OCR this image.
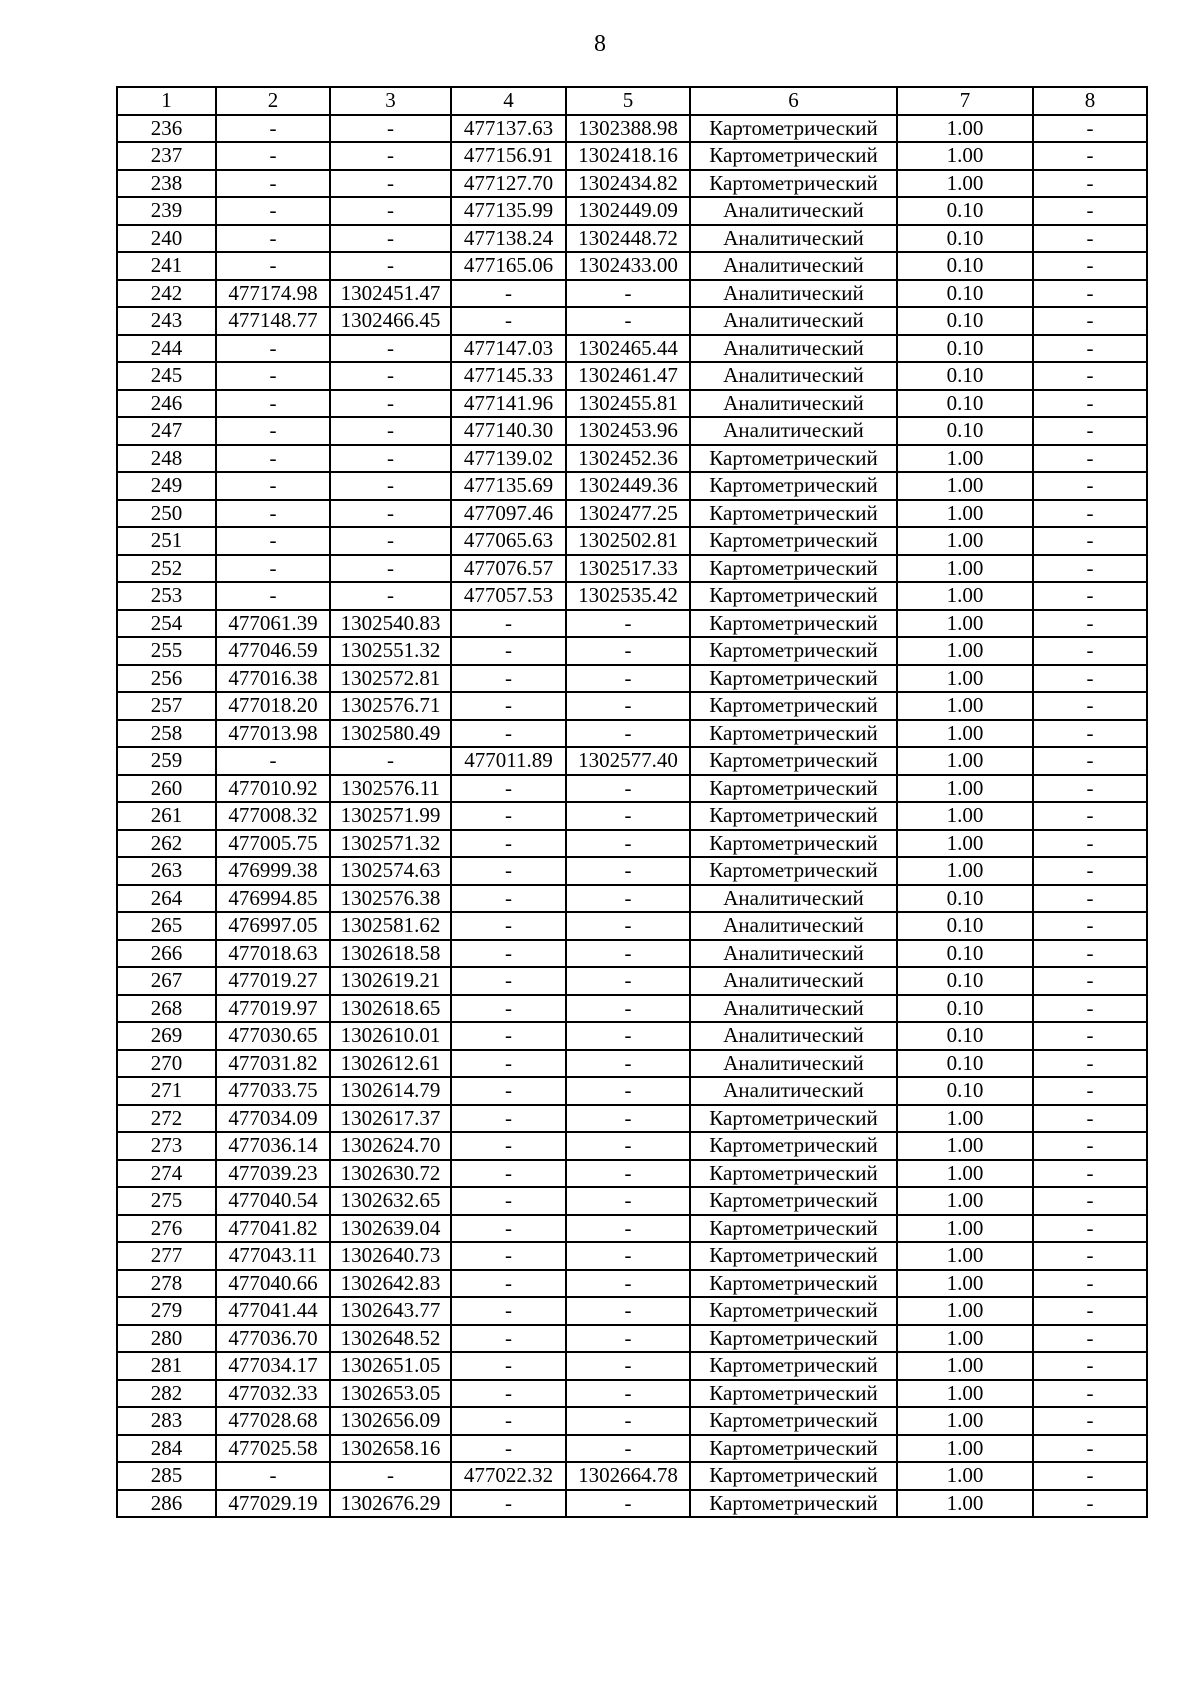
8
1	2	3	4	5	6	7	8
236	-	-	477137.63	1302388.98	Картометрический	1.00	-
237	-	-	477156.91	1302418.16	Картометрический	1.00	-
238	-	-	477127.70	1302434.82	Картометрический	1.00	-
239	-	-	477135.99	1302449.09	Аналитический	0.10	-
240	-	-	477138.24	1302448.72	Аналитический	0.10	-
241	-	-	477165.06	1302433.00	Аналитический	0.10	-
242	477174.98	1302451.47	-	-	Аналитический	0.10	-
243	477148.77	1302466.45	-	-	Аналитический	0.10	-
244	-	-	477147.03	1302465.44	Аналитический	0.10	-
245	-	-	477145.33	1302461.47	Аналитический	0.10	-
246	-	-	477141.96	1302455.81	Аналитический	0.10	-
247	-	-	477140.30	1302453.96	Аналитический	0.10	-
248	-	-	477139.02	1302452.36	Картометрический	1.00	-
249	-	-	477135.69	1302449.36	Картометрический	1.00	-
250	-	-	477097.46	1302477.25	Картометрический	1.00	-
251	-	-	477065.63	1302502.81	Картометрический	1.00	-
252	-	-	477076.57	1302517.33	Картометрический	1.00	-
253	-	-	477057.53	1302535.42	Картометрический	1.00	-
254	477061.39	1302540.83	-	-	Картометрический	1.00	-
255	477046.59	1302551.32	-	-	Картометрический	1.00	-
256	477016.38	1302572.81	-	-	Картометрический	1.00	-
257	477018.20	1302576.71	-	-	Картометрический	1.00	-
258	477013.98	1302580.49	-	-	Картометрический	1.00	-
259	-	-	477011.89	1302577.40	Картометрический	1.00	-
260	477010.92	1302576.11	-	-	Картометрический	1.00	-
261	477008.32	1302571.99	-	-	Картометрический	1.00	-
262	477005.75	1302571.32	-	-	Картометрический	1.00	-
263	476999.38	1302574.63	-	-	Картометрический	1.00	-
264	476994.85	1302576.38	-	-	Аналитический	0.10	-
265	476997.05	1302581.62	-	-	Аналитический	0.10	-
266	477018.63	1302618.58	-	-	Аналитический	0.10	-
267	477019.27	1302619.21	-	-	Аналитический	0.10	-
268	477019.97	1302618.65	-	-	Аналитический	0.10	-
269	477030.65	1302610.01	-	-	Аналитический	0.10	-
270	477031.82	1302612.61	-	-	Аналитический	0.10	-
271	477033.75	1302614.79	-	-	Аналитический	0.10	-
272	477034.09	1302617.37	-	-	Картометрический	1.00	-
273	477036.14	1302624.70	-	-	Картометрический	1.00	-
274	477039.23	1302630.72	-	-	Картометрический	1.00	-
275	477040.54	1302632.65	-	-	Картометрический	1.00	-
276	477041.82	1302639.04	-	-	Картометрический	1.00	-
277	477043.11	1302640.73	-	-	Картометрический	1.00	-
278	477040.66	1302642.83	-	-	Картометрический	1.00	-
279	477041.44	1302643.77	-	-	Картометрический	1.00	-
280	477036.70	1302648.52	-	-	Картометрический	1.00	-
281	477034.17	1302651.05	-	-	Картометрический	1.00	-
282	477032.33	1302653.05	-	-	Картометрический	1.00	-
283	477028.68	1302656.09	-	-	Картометрический	1.00	-
284	477025.58	1302658.16	-	-	Картометрический	1.00	-
285	-	-	477022.32	1302664.78	Картометрический	1.00	-
286	477029.19	1302676.29	-	-	Картометрический	1.00	-
